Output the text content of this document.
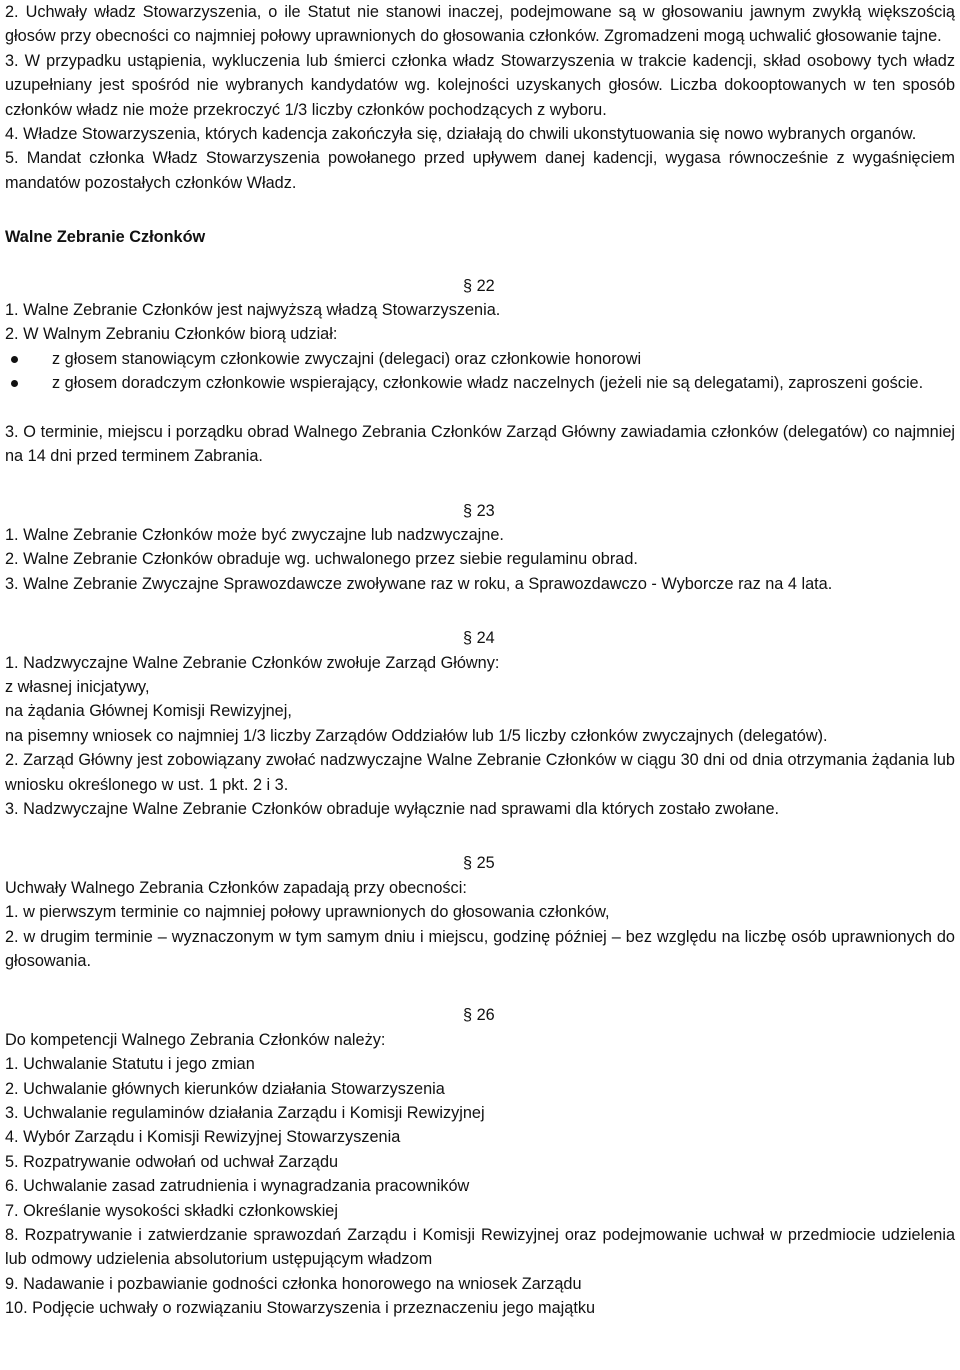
2. Uchwały władz Stowarzyszenia, o ile Statut nie stanowi inaczej, podejmowane są w głosowaniu jawnym zwykłą większością głosów przy obecności co najmniej połowy uprawnionych do głosowania członków. Zgromadzeni mogą uchwalić głosowanie tajne.

3. W przypadku ustąpienia, wykluczenia lub śmierci członka władz Stowarzyszenia w trakcie kadencji, skład osobowy tych władz uzupełniany jest spośród nie wybranych kandydatów wg. kolejności uzyskanych głosów. Liczba dokooptowanych w ten sposób członków władz nie może przekroczyć 1/3 liczby członków pochodzących z wyboru.

4. Władze Stowarzyszenia, których kadencja zakończyła się, działają do chwili ukonstytuowania się nowo wybranych organów.

5. Mandat członka Władz Stowarzyszenia powołanego przed upływem danej kadencji, wygasa równocześnie z wygaśnięciem mandatów pozostałych członków Władz.

Walne Zebranie Członków

§ 22

1. Walne Zebranie Członków jest najwyższą władzą Stowarzyszenia.

2. W Walnym Zebraniu Członków biorą udział:

z głosem stanowiącym członkowie zwyczajni (delegaci) oraz członkowie honorowi
z głosem doradczym członkowie wspierający, członkowie władz naczelnych (jeżeli nie są delegatami), zaproszeni goście.

3. O terminie, miejscu i porządku obrad Walnego Zebrania Członków Zarząd Główny zawiadamia członków (delegatów) co najmniej na 14 dni przed terminem Zabrania.

§ 23

1. Walne Zebranie Członków może być zwyczajne lub nadzwyczajne.

2. Walne Zebranie Członków obraduje wg. uchwalonego przez siebie regulaminu obrad.

3. Walne Zebranie Zwyczajne Sprawozdawcze zwoływane raz w roku, a Sprawozdawczo - Wyborcze raz na 4 lata.

§ 24

1. Nadzwyczajne Walne Zebranie Członków zwołuje Zarząd Główny:

z własnej inicjatywy,

na żądania Głównej Komisji Rewizyjnej,

na pisemny wniosek co najmniej 1/3 liczby Zarządów Oddziałów lub 1/5 liczby członków zwyczajnych (delegatów).

2. Zarząd Główny jest zobowiązany zwołać nadzwyczajne Walne Zebranie Członków w ciągu 30 dni od dnia otrzymania żądania lub wniosku określonego w ust. 1 pkt. 2 i 3.

3. Nadzwyczajne Walne Zebranie Członków obraduje wyłącznie nad sprawami dla których zostało zwołane.

§ 25

Uchwały Walnego Zebrania Członków zapadają przy obecności:

1. w pierwszym terminie co najmniej połowy uprawnionych do głosowania członków,

2. w drugim terminie – wyznaczonym w tym samym dniu i miejscu, godzinę później – bez względu na liczbę osób uprawnionych do głosowania.

§ 26

Do kompetencji Walnego Zebrania Członków należy:

1. Uchwalanie Statutu i jego zmian

2. Uchwalanie głównych kierunków działania Stowarzyszenia

3. Uchwalanie regulaminów działania Zarządu i Komisji Rewizyjnej

4. Wybór Zarządu i Komisji Rewizyjnej Stowarzyszenia

5. Rozpatrywanie odwołań od uchwał Zarządu

6. Uchwalanie zasad zatrudnienia i wynagradzania pracowników

7. Określanie wysokości składki członkowskiej

8. Rozpatrywanie i zatwierdzanie sprawozdań Zarządu i Komisji Rewizyjnej oraz podejmowanie uchwał w przedmiocie udzielenia lub odmowy udzielenia absolutorium ustępującym władzom

9. Nadawanie i pozbawianie godności członka honorowego na wniosek Zarządu

10. Podjęcie uchwały o rozwiązaniu Stowarzyszenia i przeznaczeniu jego majątku
